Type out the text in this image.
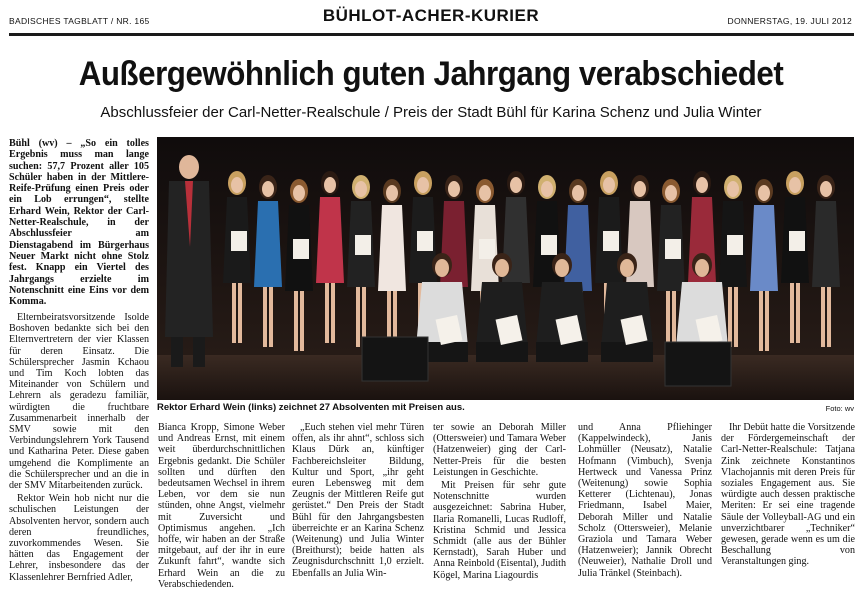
BADISCHES TAGBLATT / NR. 165	BÜHLOT-ACHER-KURIER	DONNERSTAG, 19. JULI 2012
Außergewöhnlich guten Jahrgang verabschiedet
Abschlussfeier der Carl-Netter-Realschule / Preis der Stadt Bühl für Karina Schenz und Julia Winter
Bühl (wv) – „So ein tolles Ergebnis muss man lange suchen: 57,7 Prozent aller 105 Schüler haben in der Mittlere-Reife-Prüfung einen Preis oder ein Lob errungen“, stellte Erhard Wein, Rektor der Carl-Netter-Realschule, in der Abschlussfeier am Dienstagabend im Bürgerhaus Neuer Markt nicht ohne Stolz fest. Knapp ein Viertel des Jahrgangs erzielte im Notenschnitt eine Eins vor dem Komma.
Rektor Erhard Wein (links) zeichnet 27 Absolventen mit Preisen aus.	Foto: wv

Elternbeiratsvorsitzende Isolde Boshoven bedankte sich bei den Elternvertretern der vier Klassen für deren Einsatz. Die Schülersprecher Jasmin Kchaou und Tim Koch lobten das Miteinander von Schülern und Lehrern als geradezu familiär, würdigten die fruchtbare Zusammenarbeit innerhalb der SMV sowie mit den Verbindungslehrern York Tausend und Katharina Peter. Diese gaben umgehend die Komplimente an die Schülersprecher und an die in der SMV Mitarbeitenden zurück.

Rektor Wein hob nicht nur die schulischen Leistungen der Absolventen hervor, sondern auch deren freundliches, zuvorkommendes Wesen. Sie hätten das Engagement der Lehrer, insbesondere das der Klassenlehrer Bernfried Adler,

Bianca Kropp, Simone Weber und Andreas Ernst, mit einem weit überdurchschnittlichen Ergebnis gedankt. Die Schüler sollten und dürften den bedeutsamen Wechsel in ihrem Leben, vor dem sie nun stünden, ohne Angst, vielmehr mit Zuversicht und Optimismus angehen. „Ich hoffe, wir haben an der Straße mitgebaut, auf der ihr in eure Zukunft fahrt“, wandte sich Erhard Wein an die zu Verabschiedenden.

„Euch stehen viel mehr Türen offen, als ihr ahnt“, schloss sich Klaus Dürk an, künftiger Fachbereichsleiter Bildung, Kultur und Sport, „ihr geht euren Lebensweg mit dem Zeugnis der Mittleren Reife gut gerüstet.“ Den Preis der Stadt Bühl für den Jahrgangsbesten überreichte er an Karina Schenz (Weitenung) und Julia Winter (Breithurst); beide hatten als Zeugnisdurchschnitt 1,0 erzielt. Ebenfalls an Julia Win-

ter sowie an Deborah Miller (Ottersweier) und Tamara Weber (Hatzenweier) ging der Carl-Netter-Preis für die besten Leistungen in Geschichte.

Mit Preisen für sehr gute Notenschnitte wurden ausgezeichnet: Sabrina Huber, Ilaria Romanelli, Lucas Rudloff, Kristina Schmid und Jessica Schmidt (alle aus der Bühler Kernstadt), Sarah Huber und Anna Reinbold (Eisental), Judith Kögel, Marina Liagourdis

und Anna Pfliehinger (Kappelwindeck), Janis Lohmüller (Neusatz), Natalie Hofmann (Vimbuch), Svenja Hertweck und Vanessa Prinz (Weitenung) sowie Sophia Ketterer (Lichtenau), Jonas Friedmann, Isabel Maier, Deborah Miller und Natalie Scholz (Ottersweier), Melanie Graziola und Tamara Weber (Hatzenweier); Jannik Obrecht (Neuweier), Nathalie Droll und Julia Tränkel (Steinbach).

Ihr Debüt hatte die Vorsitzende der Fördergemeinschaft der Carl-Netter-Realschule: Tatjana Zink zeichnete Konstantinos Vlachojannis mit deren Preis für soziales Engagement aus. Sie würdigte auch dessen praktische Meriten: Er sei eine tragende Säule der Volleyball-AG und ein unverzichtbarer „Techniker“ gewesen, gerade wenn es um die Beschallung von Veranstaltungen ging.
